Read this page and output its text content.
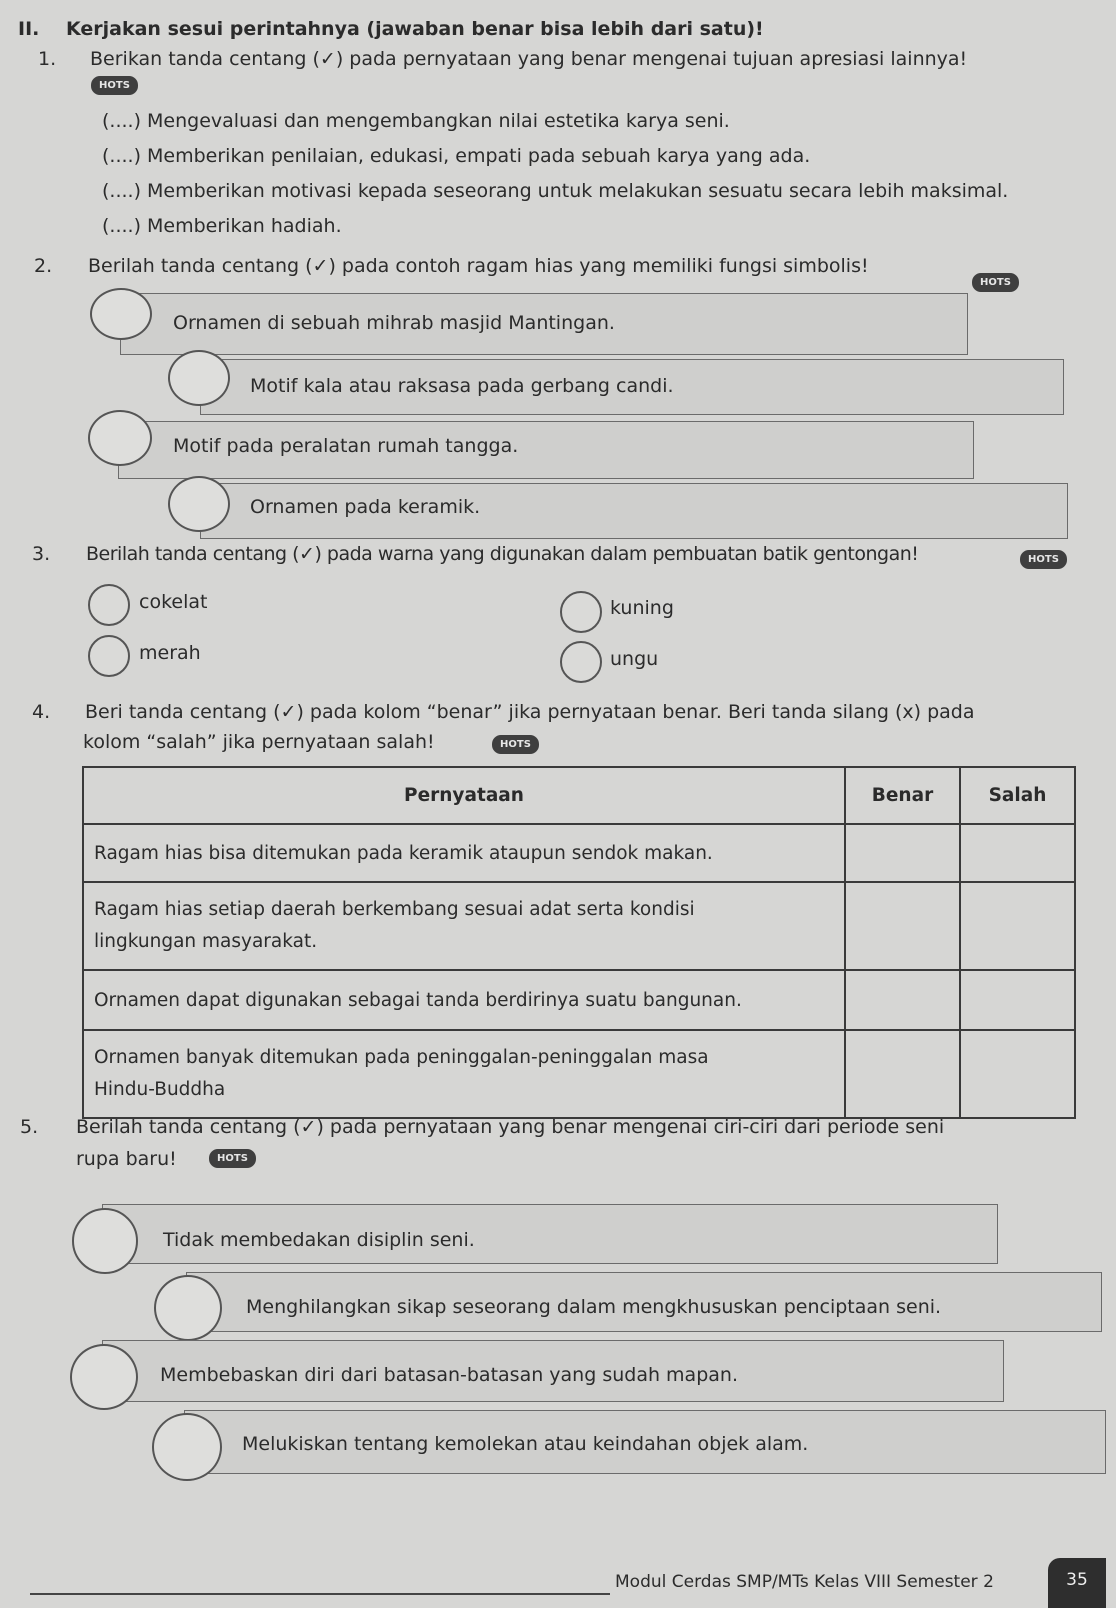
II. Kerjakan sesui perintahnya (jawaban benar bisa lebih dari satu)!
1. Berikan tanda centang (✓) pada pernyataan yang benar mengenai tujuan apresiasi lainnya!
HOTS
(....) Mengevaluasi dan mengembangkan nilai estetika karya seni.
(....) Memberikan penilaian, edukasi, empati pada sebuah karya yang ada.
(....) Memberikan motivasi kepada seseorang untuk melakukan sesuatu secara lebih maksimal.
(....) Memberikan hadiah.
2. Berilah tanda centang (✓) pada contoh ragam hias yang memiliki fungsi simbolis!
HOTS
Ornamen di sebuah mihrab masjid Mantingan.
Motif kala atau raksasa pada gerbang candi.
Motif pada peralatan rumah tangga.
Ornamen pada keramik.
3. Berilah tanda centang (✓) pada warna yang digunakan dalam pembuatan batik gentongan!	HOTS
cokelat	kuning
merah	ungu
4. Beri tanda centang (✓) pada kolom “benar” jika pernyataan benar. Beri tanda silang (x) pada
kolom “salah” jika pernyataan salah!	HOTS
Pernyataan	Benar	Salah
Ragam hias bisa ditemukan pada keramik ataupun sendok makan.		

Ragam hias setiap daerah berkembang sesuai adat serta kondisi
lingkungan masyarakat.		

Ornamen dapat digunakan sebagai tanda berdirinya suatu bangunan.		

Ornamen banyak ditemukan pada peninggalan-peninggalan masa
Hindu-Buddha		

5. Berilah tanda centang (✓) pada pernyataan yang benar mengenai ciri-ciri dari periode seni
rupa baru!	HOTS
Tidak membedakan disiplin seni.
Menghilangkan sikap seseorang dalam mengkhususkan penciptaan seni.
Membebaskan diri dari batasan-batasan yang sudah mapan.
Melukiskan tentang kemolekan atau keindahan objek alam.
Modul Cerdas SMP/MTs Kelas VIII Semester 2	35
